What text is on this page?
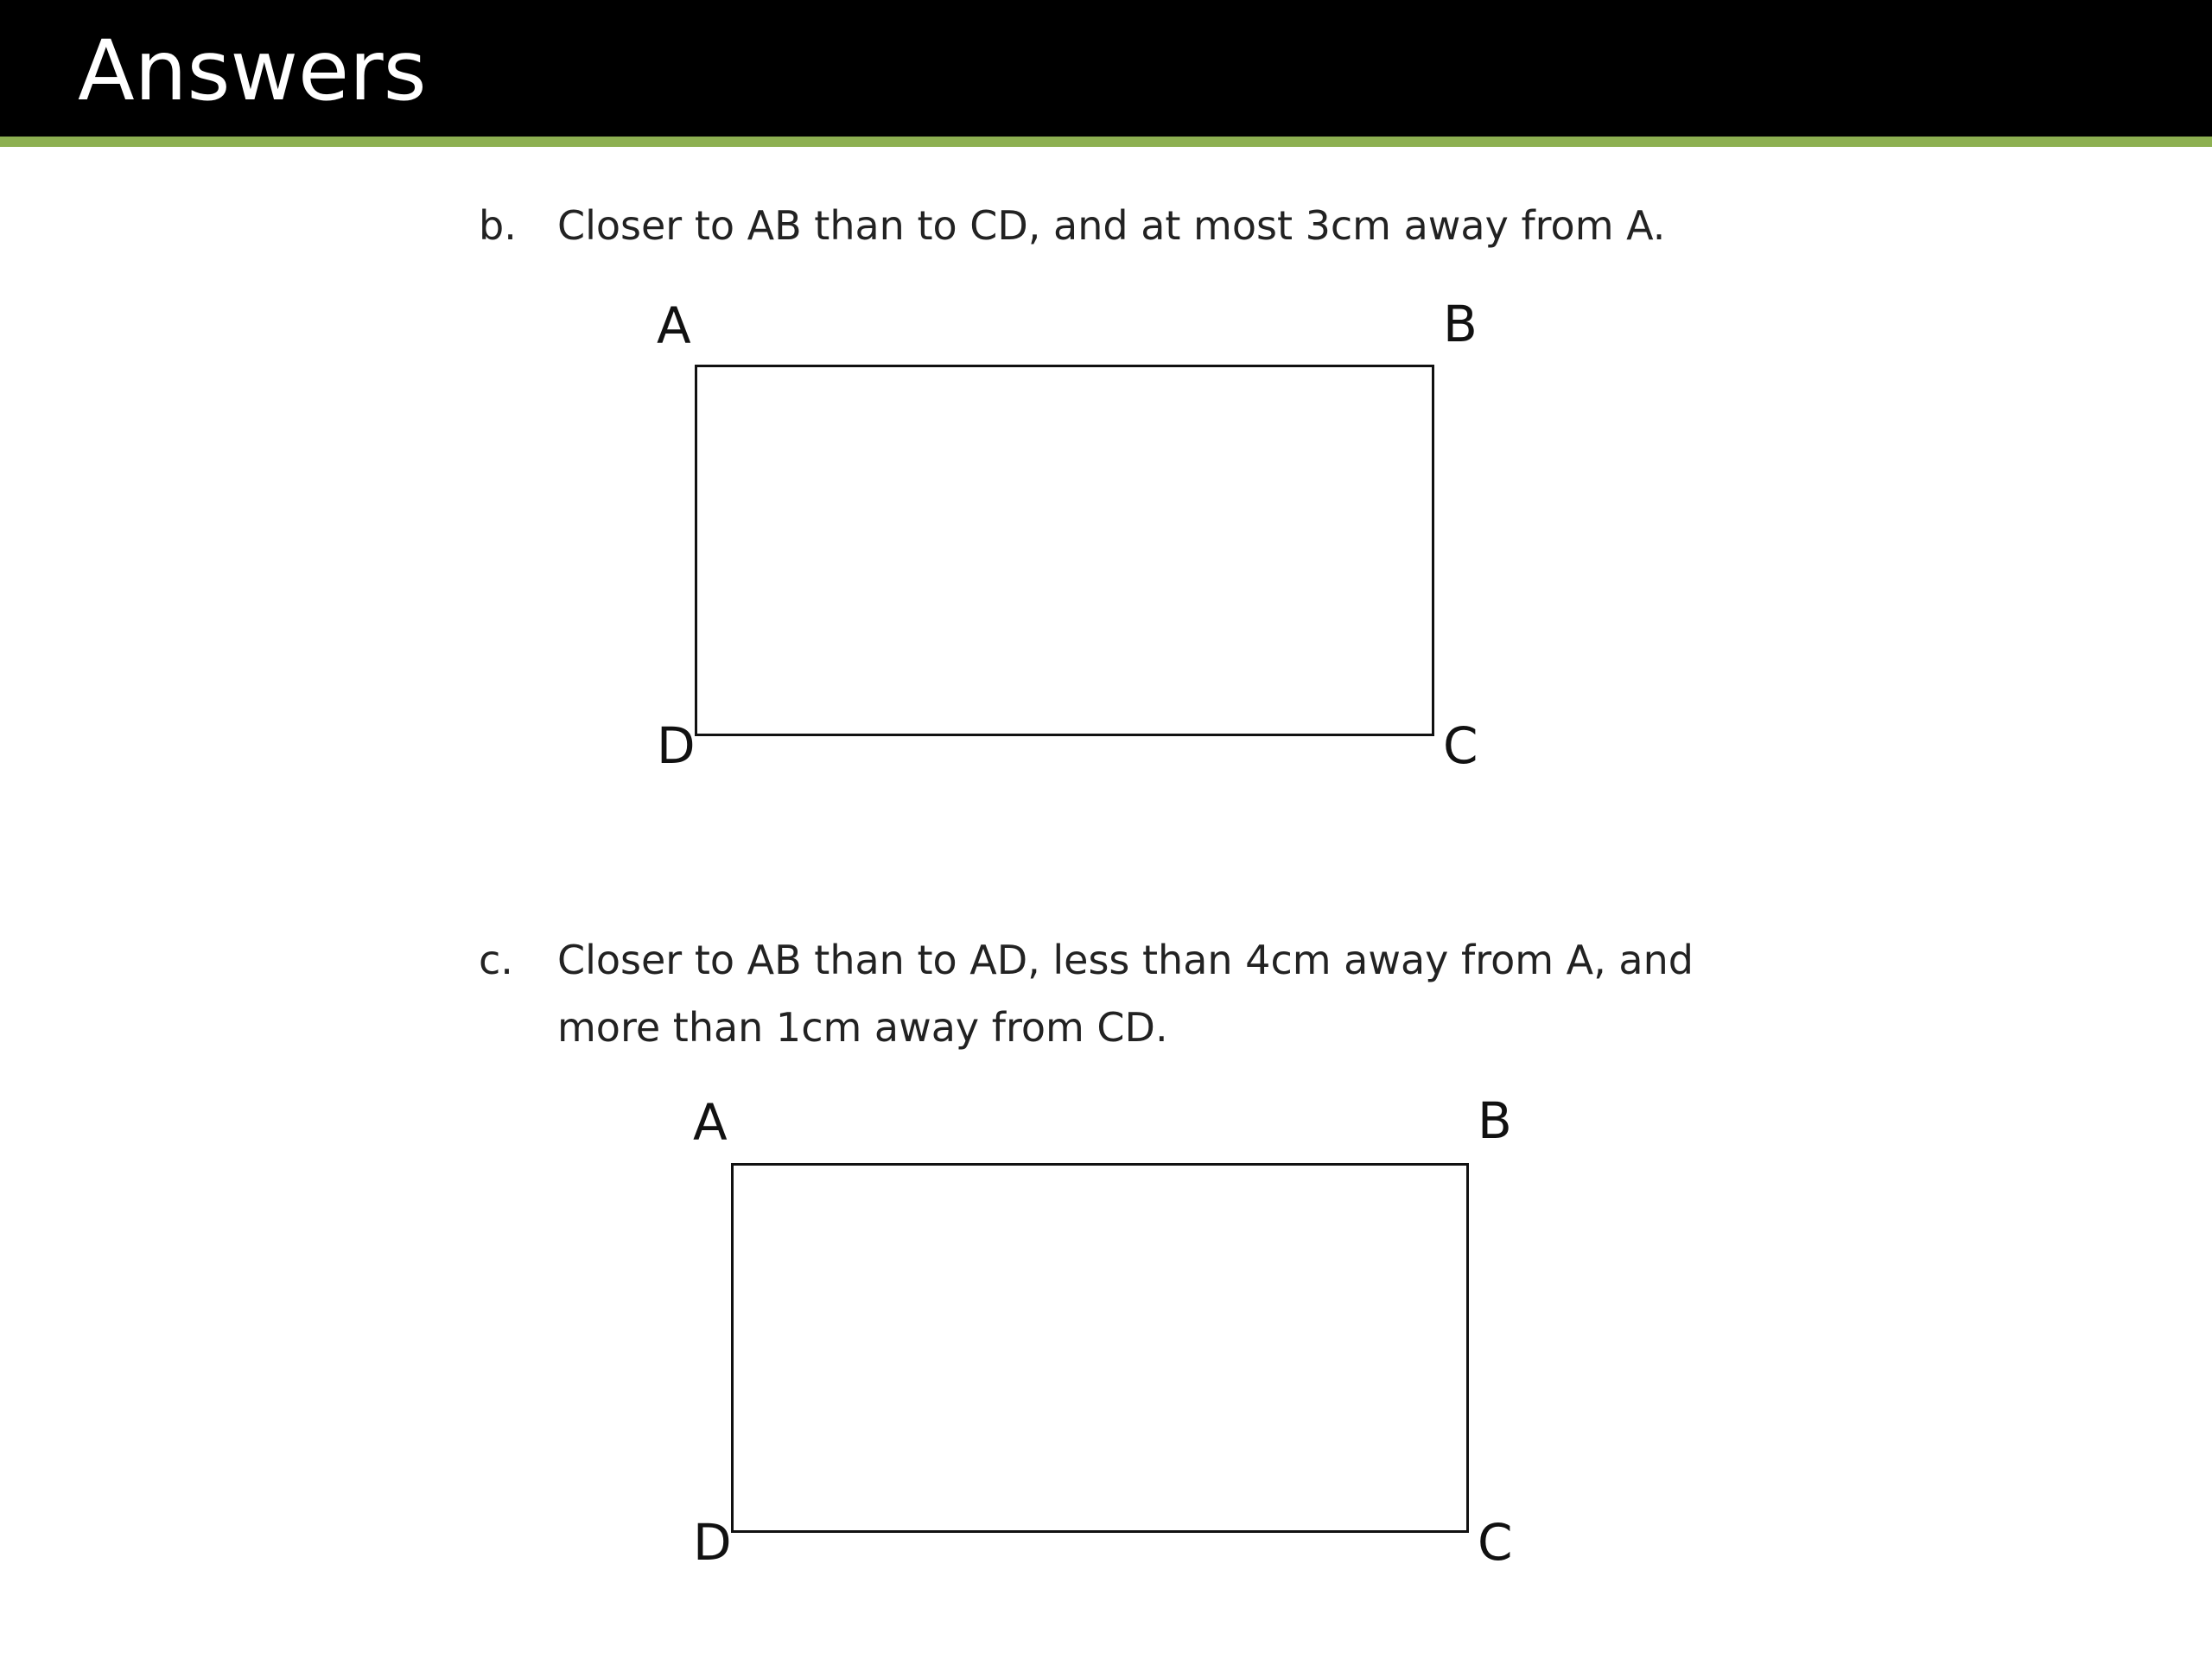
Answers
b. Closer to AB than to CD, and at most 3cm away from A.
A	B
D	C
c. Closer to AB than to AD, less than 4cm away from A, and
more than 1cm away from CD.
A	B
D	C
